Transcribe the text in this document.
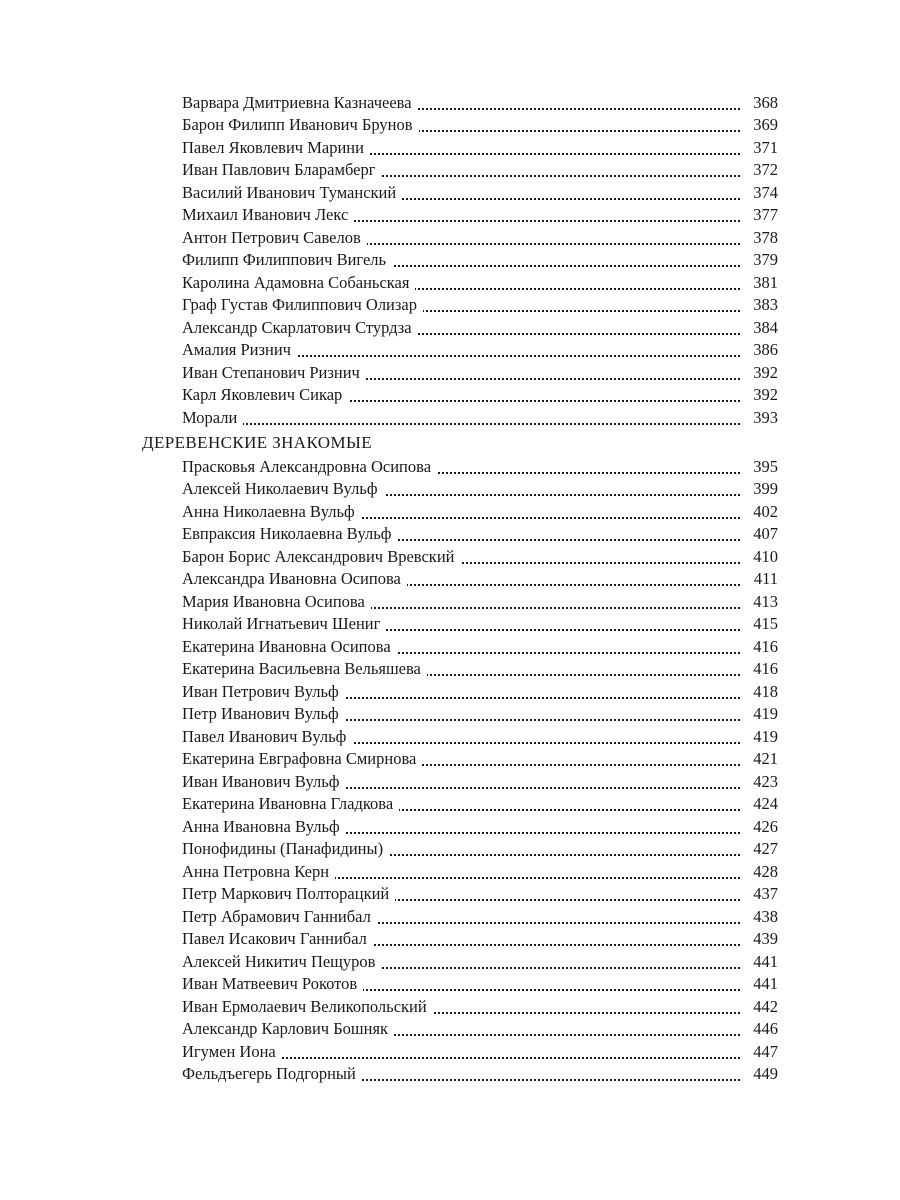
Варвара Дмитриевна Казначеева	368
Барон Филипп Иванович Брунов	369
Павел Яковлевич Марини	371
Иван Павлович Бларамберг	372
Василий Иванович Туманский	374
Михаил Иванович Лекс	377
Антон Петрович Савелов	378
Филипп Филиппович Вигель	379
Каролина Адамовна Собаньская	381
Граф Густав Филиппович Олизар	383
Александр Скарлатович Стурдза	384
Амалия Ризнич	386
Иван Степанович Ризнич	392
Карл Яковлевич Сикар	392
Морали	393
ДЕРЕВЕНСКИЕ ЗНАКОМЫЕ
Прасковья Александровна Осипова	395
Алексей Николаевич Вульф	399
Анна Николаевна Вульф	402
Евпраксия Николаевна Вульф	407
Барон Борис Александрович Вревский	410
Александра Ивановна Осипова	411
Мария Ивановна Осипова	413
Николай Игнатьевич Шениг	415
Екатерина Ивановна Осипова	416
Екатерина Васильевна Вельяшева	416
Иван Петрович Вульф	418
Петр Иванович Вульф	419
Павел Иванович Вульф	419
Екатерина Евграфовна Смирнова	421
Иван Иванович Вульф	423
Екатерина Ивановна Гладкова	424
Анна Ивановна Вульф	426
Понофидины (Панафидины)	427
Анна Петровна Керн	428
Петр Маркович Полторацкий	437
Петр Абрамович Ганнибал	438
Павел Исакович Ганнибал	439
Алексей Никитич Пещуров	441
Иван Матвеевич Рокотов	441
Иван Ермолаевич Великопольский	442
Александр Карлович Бошняк	446
Игумен Иона	447
Фельдъегерь Подгорный	449
